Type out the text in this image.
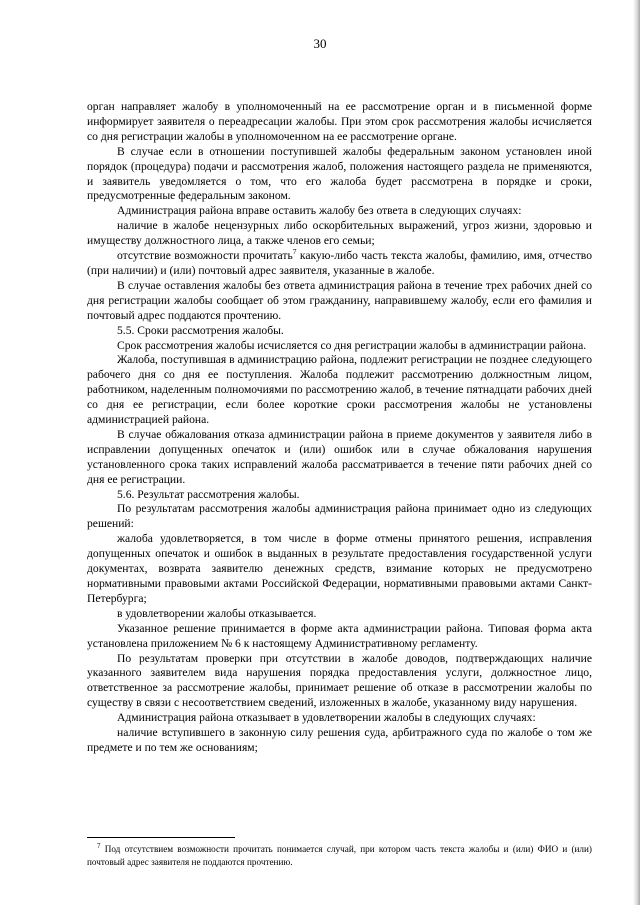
30

орган направляет жалобу в уполномоченный на ее рассмотрение орган и в письменной форме информирует заявителя о переадресации жалобы. При этом срок рассмотрения жалобы исчисляется со дня регистрации жалобы в уполномоченном на ее рассмотрение органе.

В случае если в отношении поступившей жалобы федеральным законом установлен иной порядок (процедура) подачи и рассмотрения жалоб, положения настоящего раздела не применяются, и заявитель уведомляется о том, что его жалоба будет рассмотрена в порядке и сроки, предусмотренные федеральным законом.

Администрация района вправе оставить жалобу без ответа в следующих случаях:

наличие в жалобе нецензурных либо оскорбительных выражений, угроз жизни, здоровью и имуществу должностного лица, а также членов его семьи;

отсутствие возможности прочитать$^7$ какую-либо часть текста жалобы, фамилию, имя, отчество (при наличии) и (или) почтовый адрес заявителя, указанные в жалобе.

В случае оставления жалобы без ответа администрация района в течение трех рабочих дней со дня регистрации жалобы сообщает об этом гражданину, направившему жалобу, если его фамилия и почтовый адрес поддаются прочтению.

5.5. Сроки рассмотрения жалобы.

Срок рассмотрения жалобы исчисляется со дня регистрации жалобы в администрации района.

Жалоба, поступившая в администрацию района, подлежит регистрации не позднее следующего рабочего дня со дня ее поступления. Жалоба подлежит рассмотрению должностным лицом, работником, наделенным полномочиями по рассмотрению жалоб, в течение пятнадцати рабочих дней со дня ее регистрации, если более короткие сроки рассмотрения жалобы не установлены администрацией района.

В случае обжалования отказа администрации района в приеме документов у заявителя либо в исправлении допущенных опечаток и (или) ошибок или в случае обжалования нарушения установленного срока таких исправлений жалоба рассматривается в течение пяти рабочих дней со дня ее регистрации.

5.6. Результат рассмотрения жалобы.

По результатам рассмотрения жалобы администрация района принимает одно из следующих решений:

жалоба удовлетворяется, в том числе в форме отмены принятого решения, исправления допущенных опечаток и ошибок в выданных в результате предоставления государственной услуги документах, возврата заявителю денежных средств, взимание которых не предусмотрено нормативными правовыми актами Российской Федерации, нормативными правовыми актами Санкт-Петербурга;

в удовлетворении жалобы отказывается.

Указанное решение принимается в форме акта администрации района. Типовая форма акта установлена приложением № 6 к настоящему Административному регламенту.

По результатам проверки при отсутствии в жалобе доводов, подтверждающих наличие указанного заявителем вида нарушения порядка предоставления услуги, должностное лицо, ответственное за рассмотрение жалобы, принимает решение об отказе в рассмотрении жалобы по существу в связи с несоответствием сведений, изложенных в жалобе, указанному виду нарушения.

Администрация района отказывает в удовлетворении жалобы в следующих случаях:

наличие вступившего в законную силу решения суда, арбитражного суда по жалобе о том же предмете и по тем же основаниям;

$^7$ Под отсутствием возможности прочитать понимается случай, при котором часть текста жалобы и (или) ФИО и (или) почтовый адрес заявителя не поддаются прочтению.
